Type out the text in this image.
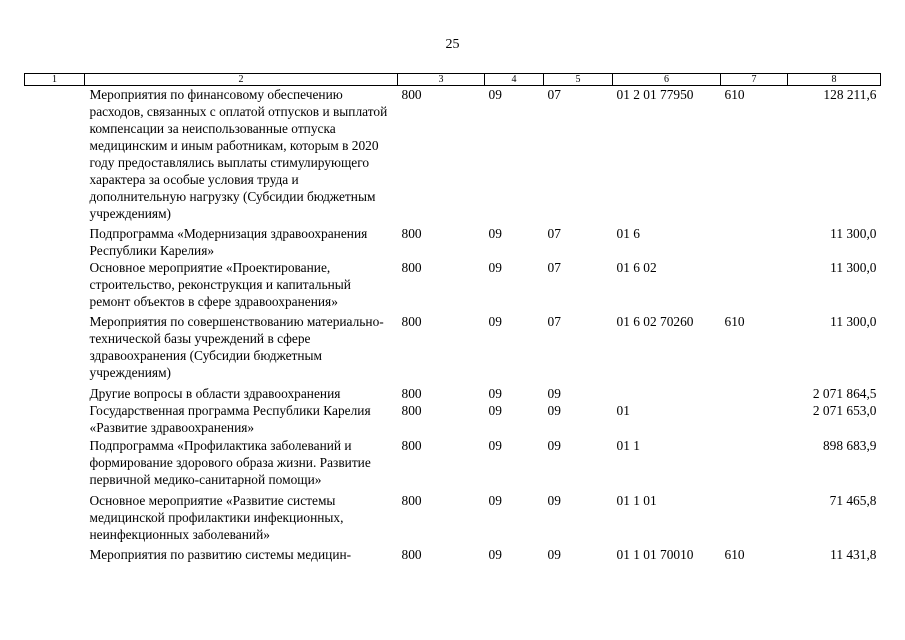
25
1	2	3	4	5	6	7	8
	Мероприятия по финансовому обеспечению расходов, связанных с оплатой отпусков и выплатой компенсации за неиспользованные отпуска медицинским и иным работникам, которым в 2020 году предоставлялись выплаты стимулирующего характера за особые условия труда и дополнительную нагрузку (Субсидии бюджетным учреждениям)	800	09	07	01 2 01 77950	610	128 211,6
	Подпрограмма «Модернизация здравоохранения Республики Карелия»	800	09	07	01 6		11 300,0
	Основное мероприятие «Проектирование, строительство, реконструкция и капитальный ремонт объектов в сфере здравоохранения»	800	09	07	01 6 02		11 300,0
	Мероприятия по совершенствованию материально-технической базы учреждений в сфере здравоохранения (Субсидии бюджетным учреждениям)	800	09	07	01 6 02 70260	610	11 300,0
	Другие вопросы в области здравоохранения	800	09	09			2 071 864,5
	Государственная программа Республики Карелия «Развитие здравоохранения»	800	09	09	01		2 071 653,0
	Подпрограмма «Профилактика заболеваний и формирование здорового образа жизни. Развитие первичной медико-санитарной помощи»	800	09	09	01 1		898 683,9
	Основное мероприятие «Развитие системы медицинской профилактики инфекционных, неинфекционных заболеваний»	800	09	09	01 1 01		71 465,8
	Мероприятия по развитию системы медицин-	800	09	09	01 1 01 70010	610	11 431,8
